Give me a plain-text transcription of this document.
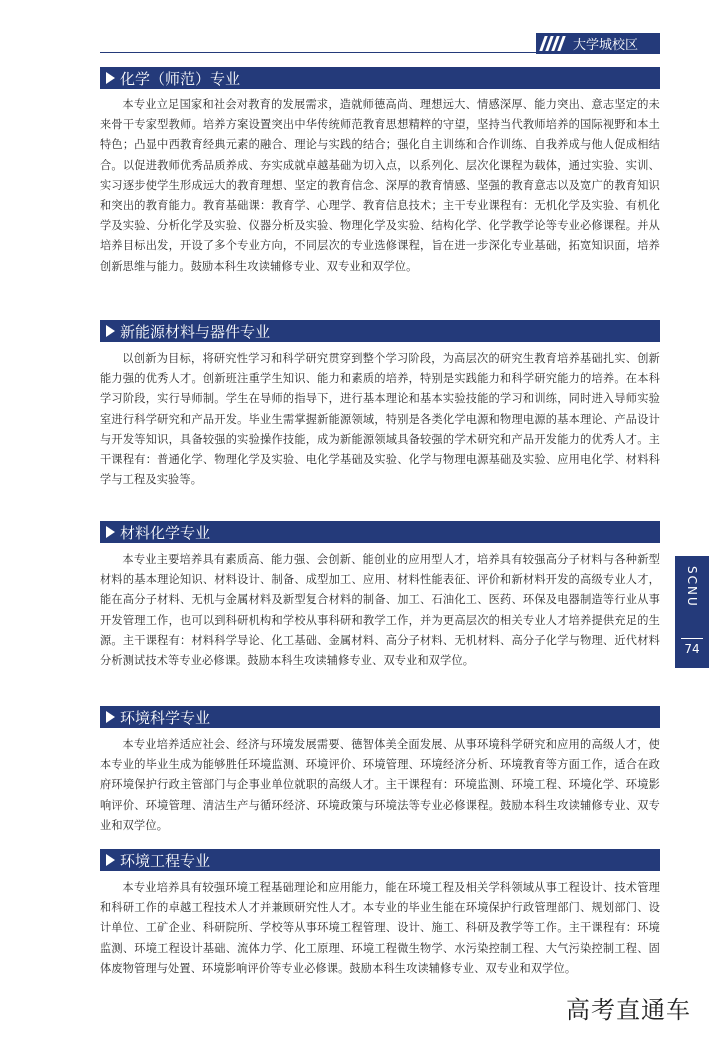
大学城校区
化学（师范）专业

本专业立足国家和社会对教育的发展需求，造就师德高尚、理想远大、情感深厚、能力突出、意志坚定的未来骨干专家型教师。培养方案设置突出中华传统师范教育思想精粹的守望，坚持当代教师培养的国际视野和本土特色；凸显中西教育经典元素的融合、理论与实践的结合；强化自主训练和合作训练、自我养成与他人促成相结合。以促进教师优秀品质养成、夯实成就卓越基础为切入点，以系列化、层次化课程为载体，通过实验、实训、实习逐步使学生形成远大的教育理想、坚定的教育信念、深厚的教育情感、坚强的教育意志以及宽广的教育知识和突出的教育能力。教育基础课：教育学、心理学、教育信息技术；主干专业课程有：无机化学及实验、有机化学及实验、分析化学及实验、仪器分析及实验、物理化学及实验、结构化学、化学教学论等专业必修课程。并从培养目标出发，开设了多个专业方向，不同层次的专业选修课程，旨在进一步深化专业基础，拓宽知识面，培养创新思维与能力。鼓励本科生攻读辅修专业、双专业和双学位。

新能源材料与器件专业

以创新为目标，将研究性学习和科学研究贯穿到整个学习阶段，为高层次的研究生教育培养基础扎实、创新能力强的优秀人才。创新班注重学生知识、能力和素质的培养，特别是实践能力和科学研究能力的培养。在本科学习阶段，实行导师制。学生在导师的指导下，进行基本理论和基本实验技能的学习和训练，同时进入导师实验室进行科学研究和产品开发。毕业生需掌握新能源领域，特别是各类化学电源和物理电源的基本理论、产品设计与开发等知识，具备较强的实验操作技能，成为新能源领域具备较强的学术研究和产品开发能力的优秀人才。主干课程有：普通化学、物理化学及实验、电化学基础及实验、化学与物理电源基础及实验、应用电化学、材料科学与工程及实验等。

材料化学专业

本专业主要培养具有素质高、能力强、会创新、能创业的应用型人才，培养具有较强高分子材料与各种新型材料的基本理论知识、材料设计、制备、成型加工、应用、材料性能表征、评价和新材料开发的高级专业人才，能在高分子材料、无机与金属材料及新型复合材料的制备、加工、石油化工、医药、环保及电器制造等行业从事开发管理工作，也可以到科研机构和学校从事科研和教学工作，并为更高层次的相关专业人才培养提供充足的生源。主干课程有：材料科学导论、化工基础、金属材料、高分子材料、无机材料、高分子化学与物理、近代材料分析测试技术等专业必修课。鼓励本科生攻读辅修专业、双专业和双学位。

环境科学专业

本专业培养适应社会、经济与环境发展需要、德智体美全面发展、从事环境科学研究和应用的高级人才，使本专业的毕业生成为能够胜任环境监测、环境评价、环境管理、环境经济分析、环境教育等方面工作，适合在政府环境保护行政主管部门与企事业单位就职的高级人才。主干课程有：环境监测、环境工程、环境化学、环境影响评价、环境管理、清洁生产与循环经济、环境政策与环境法等专业必修课程。鼓励本科生攻读辅修专业、双专业和双学位。

环境工程专业

本专业培养具有较强环境工程基础理论和应用能力，能在环境工程及相关学科领域从事工程设计、技术管理和科研工作的卓越工程技术人才并兼顾研究性人才。本专业的毕业生能在环境保护行政管理部门、规划部门、设计单位、工矿企业、科研院所、学校等从事环境工程管理、设计、施工、科研及教学等工作。主干课程有：环境监测、环境工程设计基础、流体力学、化工原理、环境工程微生物学、水污染控制工程、大气污染控制工程、固体废物管理与处置、环境影响评价等专业必修课。鼓励本科生攻读辅修专业、双专业和双学位。

SCNU
74
高考直通车
